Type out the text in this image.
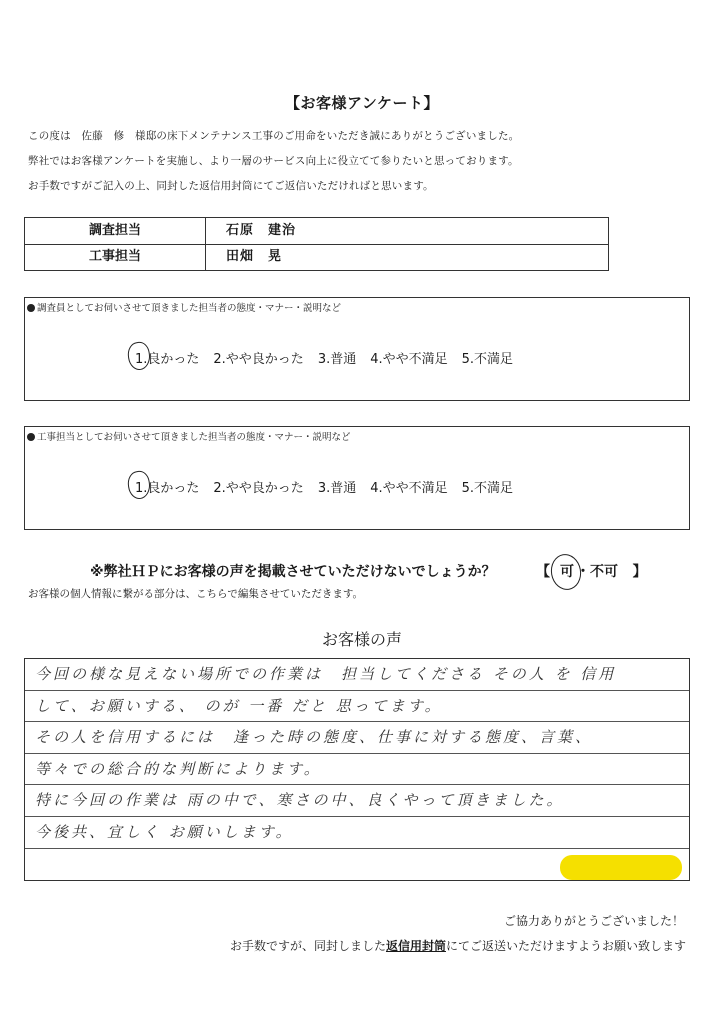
【お客様アンケート】
この度は　佐藤　修　様邸の床下メンテナンス工事のご用命をいただき誠にありがとうございました。
弊社ではお客様アンケートを実施し、より一層のサービス向上に役立てて参りたいと思っております。
お手数ですがご記入の上、同封した返信用封筒にてご返信いただければと思います。
調査担当	石原　建治
工事担当	田畑　晃
調査員としてお伺いさせて頂きました担当者の態度・マナー・説明など
1.良かった 2.やや良かった 3.普通 4.やや不満足 5.不満足
工事担当としてお伺いさせて頂きました担当者の態度・マナー・説明など
1.良かった 2.やや良かった 3.普通 4.やや不満足 5.不満足
※弊社ＨＰにお客様の声を掲載させていただけないでしょうか？	【 可 ・不可 】
お客様の個人情報に繋がる部分は、こちらで編集させていただきます。
お客様の声
今回の様な見えない場所での作業は　担当してくださる その人 を 信用
して、お願いする、 のが 一番 だと 思ってます。
その人を信用するには　逢った時の態度、仕事に対する態度、言葉、
等々での総合的な判断によります。
特に今回の作業は 雨の中で、寒さの中、良くやって頂きました。
今後共、宜しく お願いします。
ご協力ありがとうございました！
お手数ですが、同封しました返信用封筒にてご返送いただけますようお願い致します
